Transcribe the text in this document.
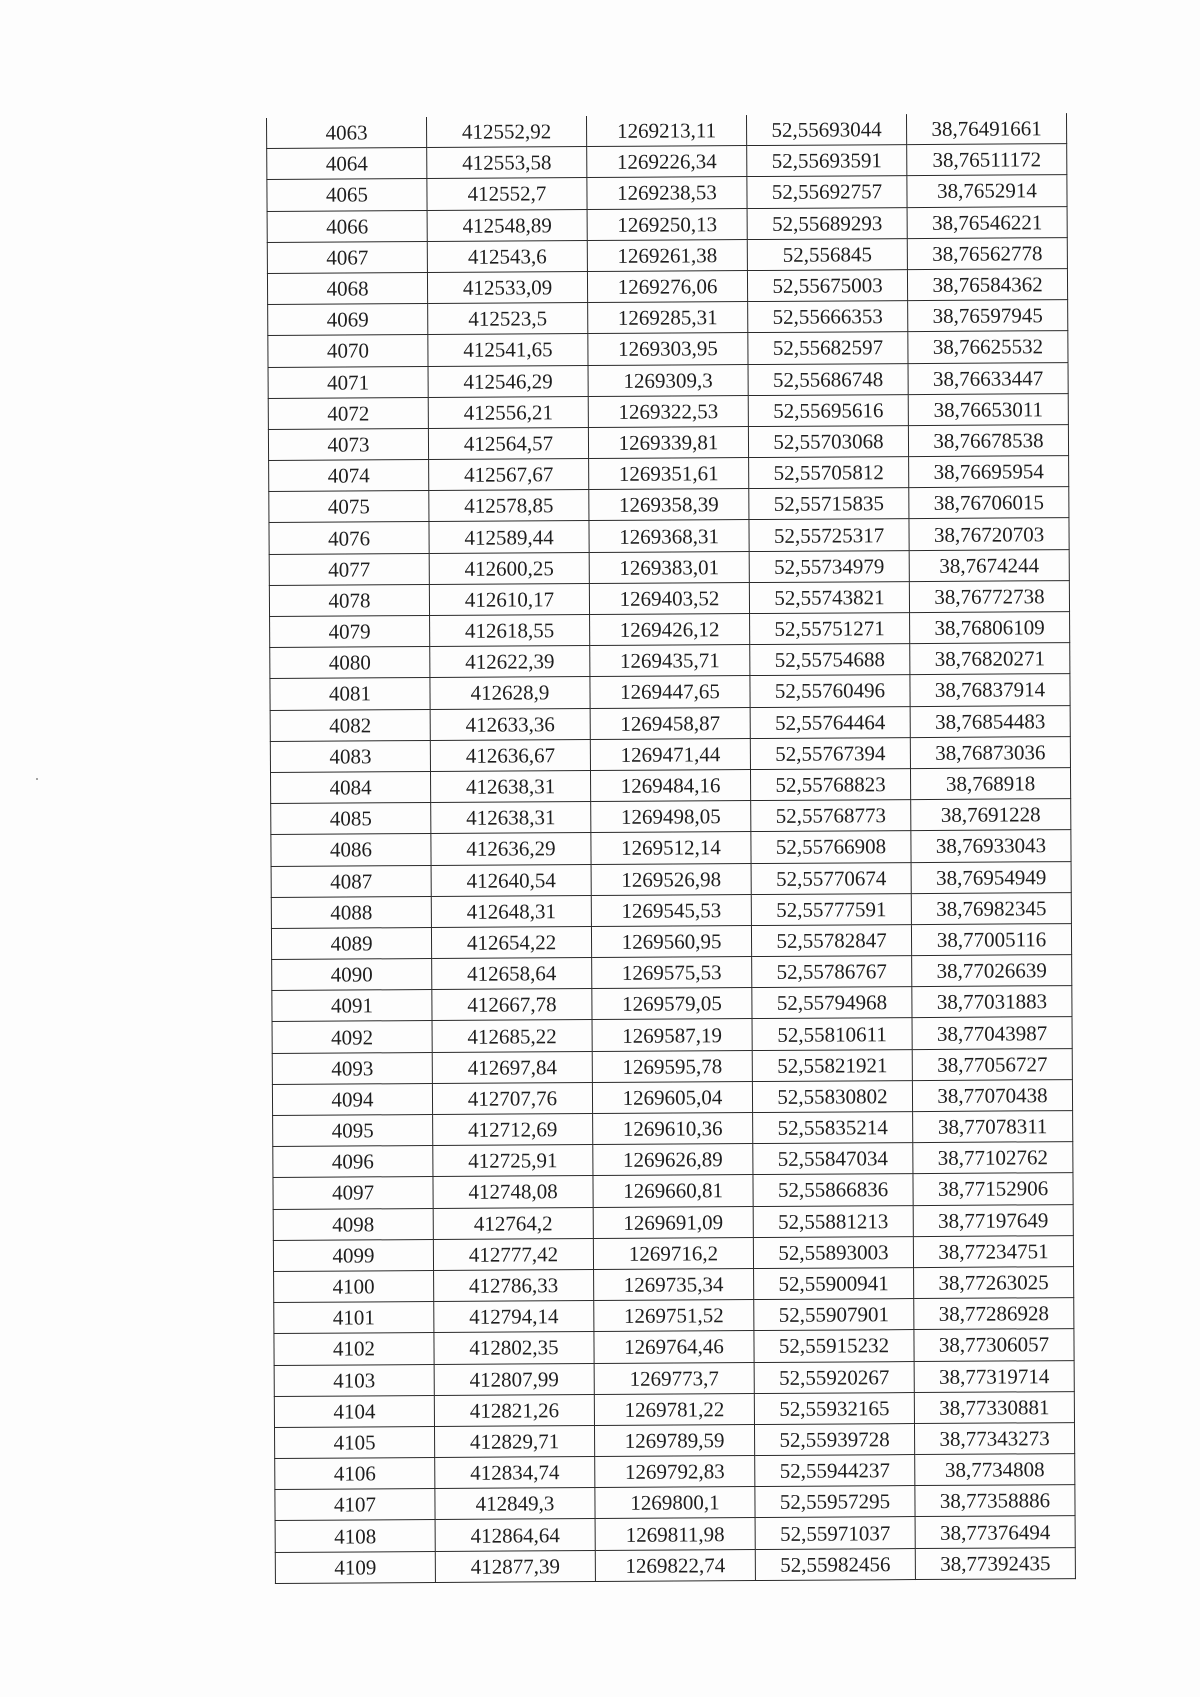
4063	412552,92	1269213,11	52,55693044	38,76491661
4064	412553,58	1269226,34	52,55693591	38,76511172
4065	412552,7	1269238,53	52,55692757	38,7652914
4066	412548,89	1269250,13	52,55689293	38,76546221
4067	412543,6	1269261,38	52,556845	38,76562778
4068	412533,09	1269276,06	52,55675003	38,76584362
4069	412523,5	1269285,31	52,55666353	38,76597945
4070	412541,65	1269303,95	52,55682597	38,76625532
4071	412546,29	1269309,3	52,55686748	38,76633447
4072	412556,21	1269322,53	52,55695616	38,76653011
4073	412564,57	1269339,81	52,55703068	38,76678538
4074	412567,67	1269351,61	52,55705812	38,76695954
4075	412578,85	1269358,39	52,55715835	38,76706015
4076	412589,44	1269368,31	52,55725317	38,76720703
4077	412600,25	1269383,01	52,55734979	38,7674244
4078	412610,17	1269403,52	52,55743821	38,76772738
4079	412618,55	1269426,12	52,55751271	38,76806109
4080	412622,39	1269435,71	52,55754688	38,76820271
4081	412628,9	1269447,65	52,55760496	38,76837914
4082	412633,36	1269458,87	52,55764464	38,76854483
4083	412636,67	1269471,44	52,55767394	38,76873036
4084	412638,31	1269484,16	52,55768823	38,768918
4085	412638,31	1269498,05	52,55768773	38,7691228
4086	412636,29	1269512,14	52,55766908	38,76933043
4087	412640,54	1269526,98	52,55770674	38,76954949
4088	412648,31	1269545,53	52,55777591	38,76982345
4089	412654,22	1269560,95	52,55782847	38,77005116
4090	412658,64	1269575,53	52,55786767	38,77026639
4091	412667,78	1269579,05	52,55794968	38,77031883
4092	412685,22	1269587,19	52,55810611	38,77043987
4093	412697,84	1269595,78	52,55821921	38,77056727
4094	412707,76	1269605,04	52,55830802	38,77070438
4095	412712,69	1269610,36	52,55835214	38,77078311
4096	412725,91	1269626,89	52,55847034	38,77102762
4097	412748,08	1269660,81	52,55866836	38,77152906
4098	412764,2	1269691,09	52,55881213	38,77197649
4099	412777,42	1269716,2	52,55893003	38,77234751
4100	412786,33	1269735,34	52,55900941	38,77263025
4101	412794,14	1269751,52	52,55907901	38,77286928
4102	412802,35	1269764,46	52,55915232	38,77306057
4103	412807,99	1269773,7	52,55920267	38,77319714
4104	412821,26	1269781,22	52,55932165	38,77330881
4105	412829,71	1269789,59	52,55939728	38,77343273
4106	412834,74	1269792,83	52,55944237	38,7734808
4107	412849,3	1269800,1	52,55957295	38,77358886
4108	412864,64	1269811,98	52,55971037	38,77376494
4109	412877,39	1269822,74	52,55982456	38,77392435
